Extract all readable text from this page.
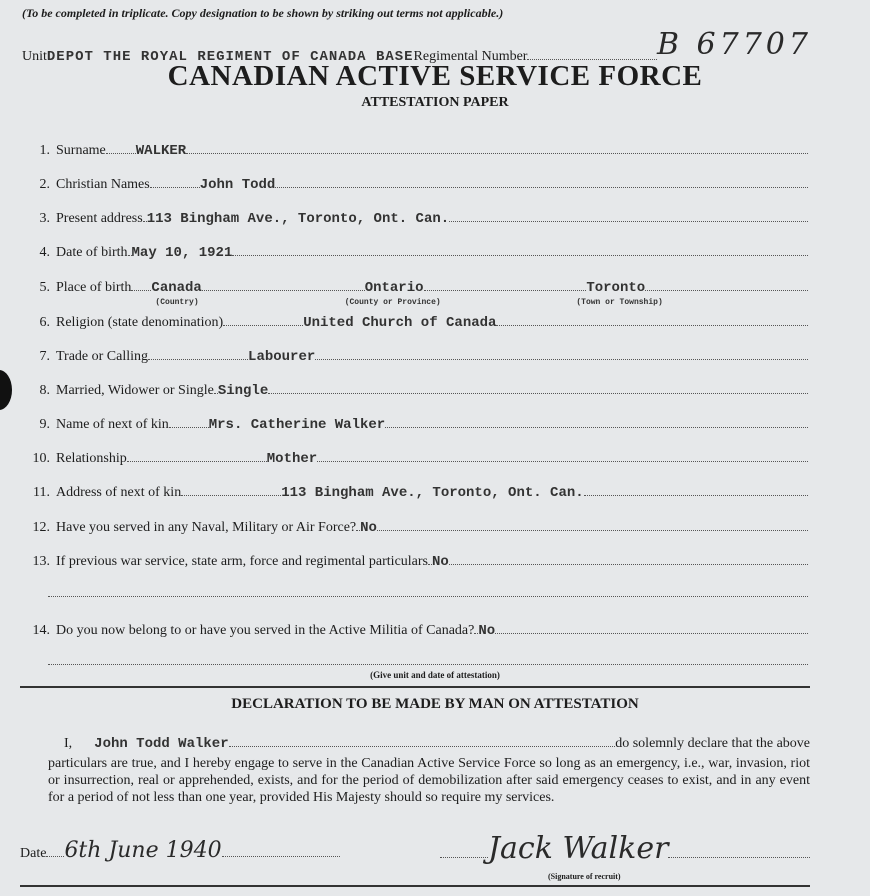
(To be completed in triplicate. Copy designation to be shown by striking out terms not applicable.)
Unit DEPOT THE ROYAL REGIMENT OF CANADA BASE Regimental Number	B 67707
CANADIAN ACTIVE SERVICE FORCE
ATTESTATION PAPER
1. Surname WALKER
2. Christian Names	John Todd
3. Present address 113 Bingham Ave., Toronto, Ont. Can.
4. Date of birth May 10, 1921
5. Place of birth Canada
(Country)
Ontario
(County or Province)
Toronto
(Town or Township)
6. Religion (state denomination)	United Church of Canada
7. Trade or Calling	Labourer
8. Married, Widower or Single Single
9. Name of next of kin	Mrs. Catherine Walker
10. Relationship	Mother
11. Address of next of kin	113 Bingham Ave., Toronto, Ont. Can.
12. Have you served in any Naval, Military or Air Force? No
13. If previous war service, state arm, force and regimental particulars No
14. Do you now belong to or have you served in the Active Militia of Canada? No
(Give unit and date of attestation)
DECLARATION TO BE MADE BY MAN ON ATTESTATION
I, John Todd Walker	do solemnly declare that the above
particulars are true, and I hereby engage to serve in the Canadian Active Service Force so long as an emergency, i.e., war, invasion, riot or insurrection, real or apprehended, exists, and for the period of demobilization after said emergency ceases to exist, and in any event for a period of not less than one year, provided His Majesty should so require my services.
Date 6th June 1940	Jack Walker
(Signature of recruit)
